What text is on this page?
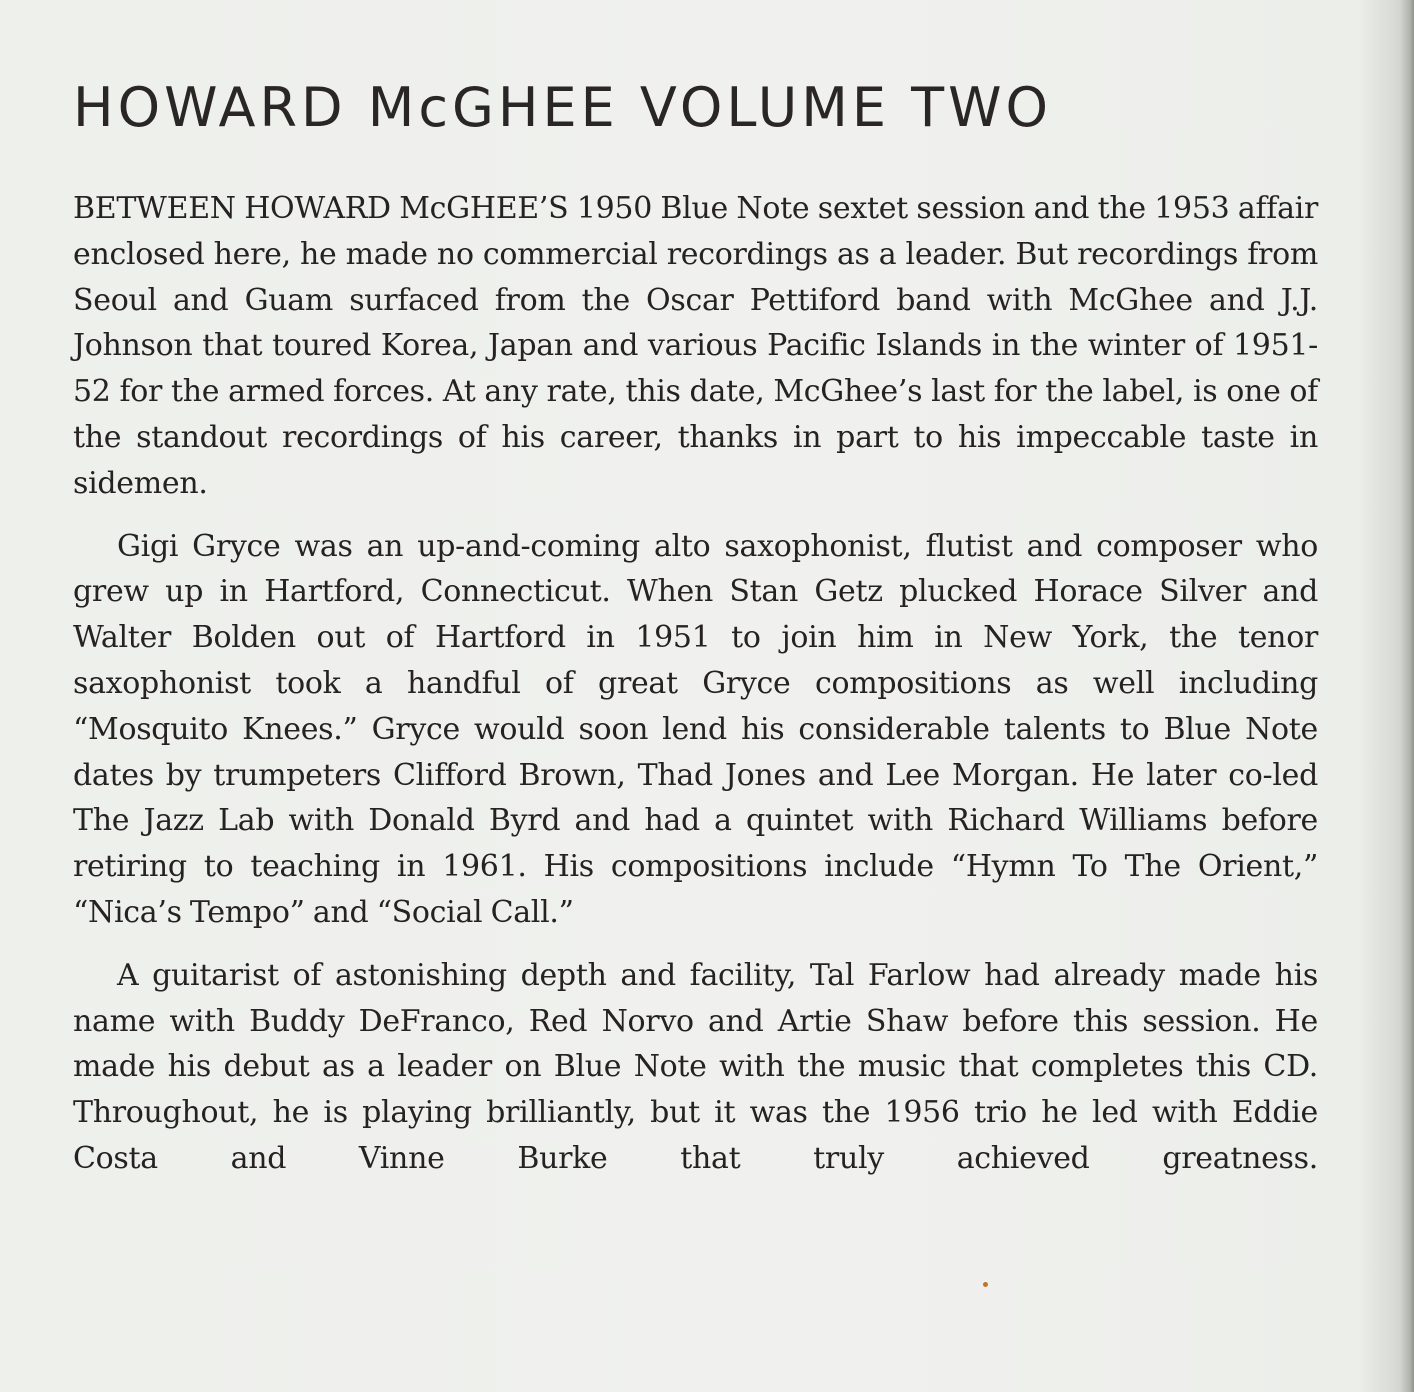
HOWARD McGHEE VOLUME TWO

BETWEEN HOWARD McGHEE’S 1950 Blue Note sextet session and the 1953 affair enclosed here, he made no commercial recordings as a leader. But recordings from Seoul and Guam surfaced from the Oscar Pettiford band with McGhee and J.J. Johnson that toured Korea, Japan and various Pacific Islands in the winter of 1951-52 for the armed forces. At any rate, this date, McGhee’s last for the label, is one of the standout recordings of his career, thanks in part to his impeccable taste in sidemen.

Gigi Gryce was an up-and-coming alto saxophonist, flutist and composer who grew up in Hartford, Connecticut. When Stan Getz plucked Horace Silver and Walter Bolden out of Hartford in 1951 to join him in New York, the tenor saxophonist took a handful of great Gryce compositions as well including “Mosquito Knees.” Gryce would soon lend his considerable talents to Blue Note dates by trumpeters Clifford Brown, Thad Jones and Lee Morgan. He later co-led The Jazz Lab with Donald Byrd and had a quintet with Richard Williams before retiring to teaching in 1961. His compositions include “Hymn To The Orient,” “Nica’s Tempo” and “Social Call.”

A guitarist of astonishing depth and facility, Tal Farlow had already made his name with Buddy DeFranco, Red Norvo and Artie Shaw before this session. He made his debut as a leader on Blue Note with the music that completes this CD. Throughout, he is playing brilliantly, but it was the 1956 trio he led with Eddie Costa and Vinne Burke that truly achieved greatness.
